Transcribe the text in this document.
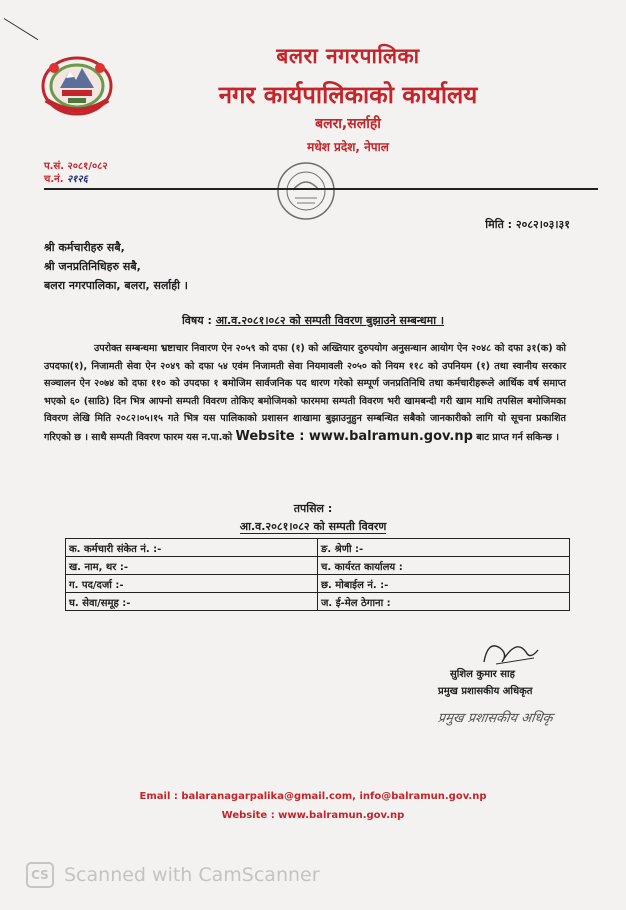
बलरा नगरपालिका
नगर कार्यपालिकाको कार्यालय
बलरा,सर्लाही
मधेश प्रदेश, नेपाल
प.सं. २०८१/०८२
च.नं. २१२६
मिति : २०८२।०३।३१
श्री कर्मचारीहरु सबै,
श्री जनप्रतिनिधिहरु सबै,
बलरा नगरपालिका, बलरा, सर्लाही ।
विषय : आ.व.२०८१।०८२ को सम्पती विवरण बुझाउने सम्बन्धमा ।
उपरोक्त सम्बन्धमा भ्रष्टाचार निवारण ऐन २०५९ को दफा (१) को अख्तियार दुरुपयोग अनुसन्धान आयोग ऐन २०४८ को दफा ३१(क) को उपदफा(१), निजामती सेवा ऐन २०४९ को दफा ५४ एवंम निजामती सेवा नियमावली २०५० को नियम ११८ को उपनियम (१) तथा स्वानीय सरकार सञ्चालन ऐन २०७४ को दफा ११० को उपदफा १ बमोजिम सार्वजनिक पद धारण गरेको सम्पूर्ण जनप्रतिनिधि तथा कर्मचारीहरूले आर्थिक वर्ष समाप्त भएको ६० (साठि) दिन भित्र आफ्नो सम्पती विवरण तोकिए बमोजिमको फारममा सम्पती विवरण भरी खामबन्दी गरी खाम माथि तपसिल बमोजिमका विवरण लेखि मिति २०८२।०५।१५ गते भित्र यस पालिकाको प्रशासन शाखामा बुझाउनुहुन सम्बन्धित सबैको जानकारीको लागि यो सूचना प्रकाशित गरिएको छ । साथै सम्पती विवरण फारम यस न.पा.को Website : www.balramun.gov.np बाट प्राप्त गर्न सकिन्छ ।
तपसिल :
आ.व.२०८१।०८२ को सम्पती विवरण
क. कर्मचारी संकेत नं. :-	ङ. श्रेणी :-
ख. नाम, थर :-	च. कार्यरत कार्यालय :
ग. पद/दर्जा :-	छ. मोबाईल नं. :-
घ. सेवा/समूह :-	ज. ई-मेल ठेगाना :
सुशिल कुमार साह
प्रमुख प्रशासकीय अधिकृत
प्रमुख प्रशासकीय अधिकृ
Email : balaranagarpalika@gmail.com, info@balramun.gov.np
Website : www.balramun.gov.np
CS Scanned with CamScanner
